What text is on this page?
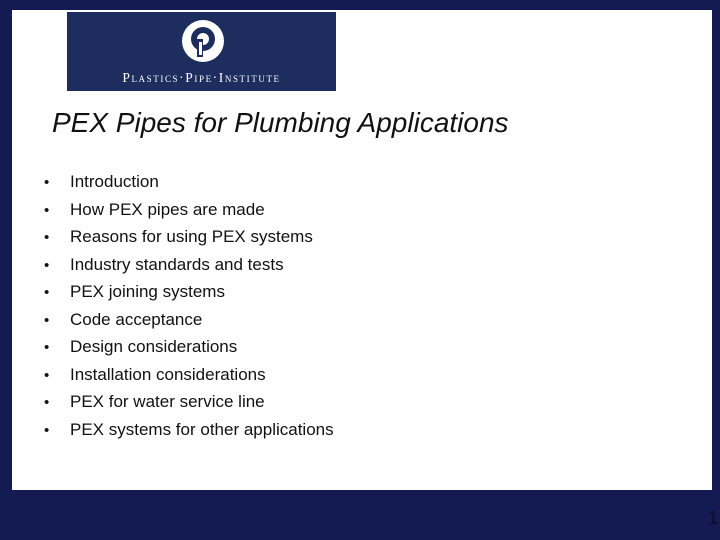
Plastics·Pipe·Institute
PEX Pipes for Plumbing Applications
•	Introduction
•	How PEX pipes are made
•	Reasons for using PEX systems
•	Industry standards and tests
•	PEX joining systems
•	Code acceptance
•	Design considerations
•	Installation considerations
•	PEX for water service line
•	PEX systems for other applications
1
